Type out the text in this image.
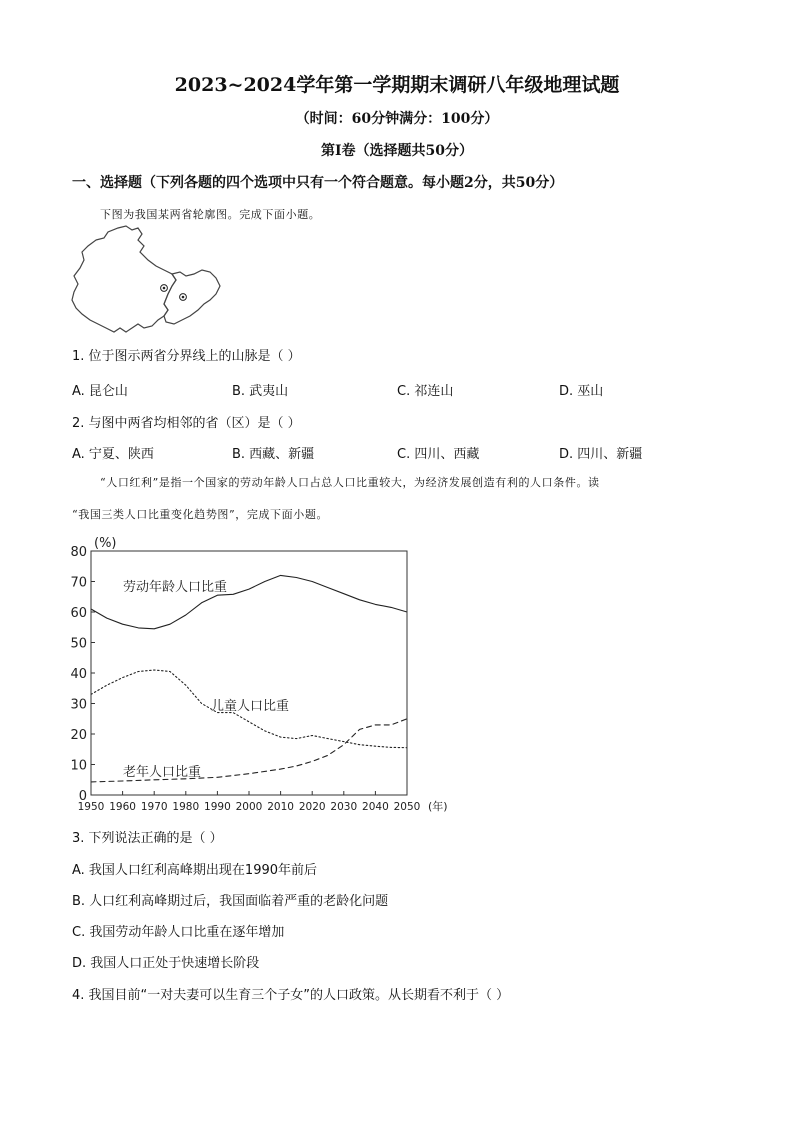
2023~2024学年第一学期期末调研八年级地理试题
（时间：60分钟满分：100分）
第Ⅰ卷（选择题共50分）
一、选择题（下列各题的四个选项中只有一个符合题意。每小题2分，共50分）
下图为我国某两省轮廓图。完成下面小题。
1. 位于图示两省分界线上的山脉是（ ）
A. 昆仑山	B. 武夷山	C. 祁连山	D. 巫山
2. 与图中两省均相邻的省（区）是（ ）
A. 宁夏、陕西	B. 西藏、新疆	C. 四川、西藏	D. 四川、新疆
“人口红利”是指一个国家的劳动年龄人口占总人口比重较大，为经济发展创造有利的人口条件。读
“我国三类人口比重变化趋势图”，完成下面小题。
2050
2040
2030
2020
2010
2000
1990
1980
1970
1960
1950
80
70
60
50
40
30
20
10
0
(%)
(年)
劳动年龄人口比重
儿童人口比重
老年人口比重
3. 下列说法正确的是（ ）
A. 我国人口红利高峰期出现在1990年前后
B. 人口红利高峰期过后，我国面临着严重的老龄化问题
C. 我国劳动年龄人口比重在逐年增加
D. 我国人口正处于快速增长阶段
4. 我国目前“一对夫妻可以生育三个子女”的人口政策。从长期看不利于（ ）
